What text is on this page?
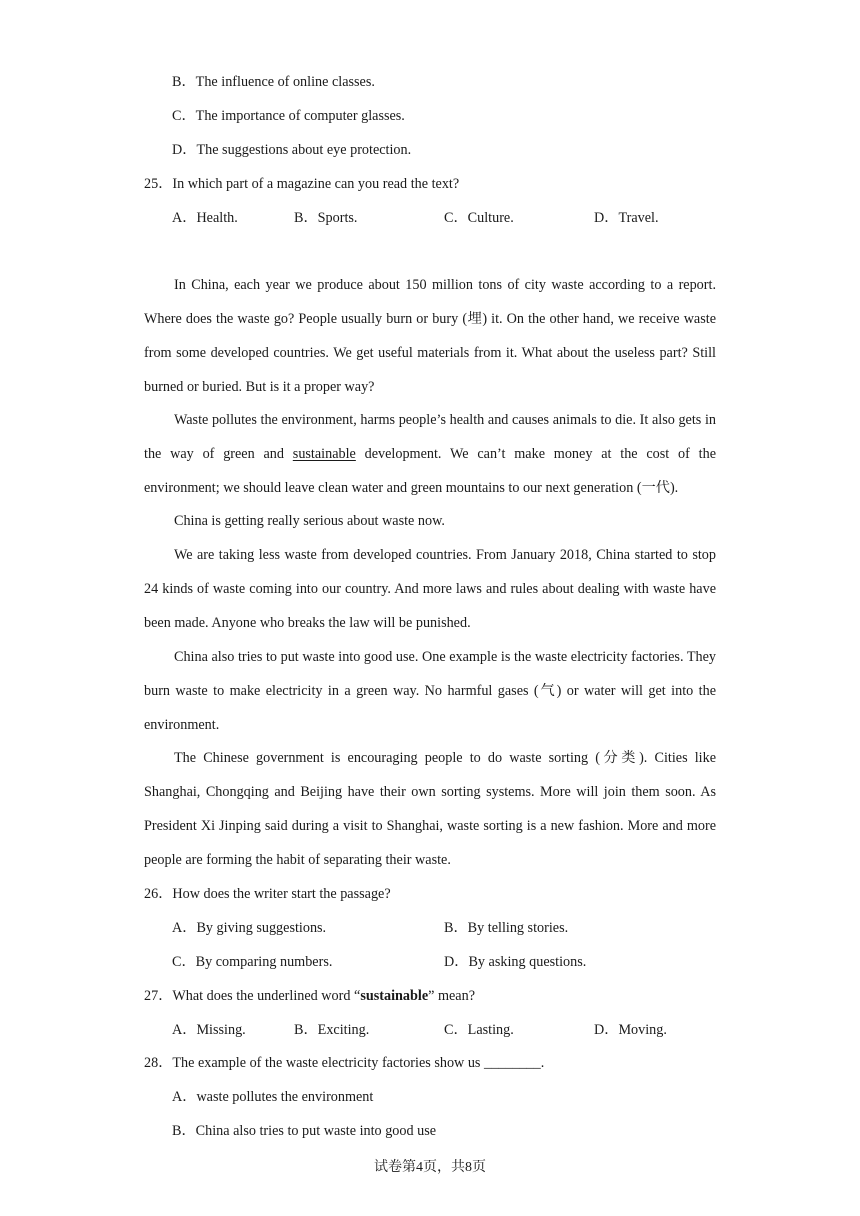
B．The influence of online classes.
C．The importance of computer glasses.
D．The suggestions about eye protection.
25．In which part of a magazine can you read the text?
A．Health.	B．Sports.	C．Culture.	D．Travel.
In China, each year we produce about 150 million tons of city waste according to a report. Where does the waste go? People usually burn or bury (埋) it. On the other hand, we receive waste from some developed countries. We get useful materials from it. What about the useless part? Still burned or buried. But is it a proper way?
Waste pollutes the environment, harms people’s health and causes animals to die. It also gets in the way of green and sustainable development. We can’t make money at the cost of the environment; we should leave clean water and green mountains to our next generation (一代).
China is getting really serious about waste now.
We are taking less waste from developed countries. From January 2018, China started to stop 24 kinds of waste coming into our country. And more laws and rules about dealing with waste have been made. Anyone who breaks the law will be punished.
China also tries to put waste into good use. One example is the waste electricity factories. They burn waste to make electricity in a green way. No harmful gases (气) or water will get into the environment.
The Chinese government is encouraging people to do waste sorting (分类). Cities like Shanghai, Chongqing and Beijing have their own sorting systems. More will join them soon. As President Xi Jinping said during a visit to Shanghai, waste sorting is a new fashion. More and more people are forming the habit of separating their waste.
26．How does the writer start the passage?
A．By giving suggestions.	B．By telling stories.
C．By comparing numbers.	D．By asking questions.
27．What does the underlined word “sustainable” mean?
A．Missing.	B．Exciting.	C．Lasting.	D．Moving.
28．The example of the waste electricity factories show us ________.
A．waste pollutes the environment
B．China also tries to put waste into good use
试卷第4页，共8页
